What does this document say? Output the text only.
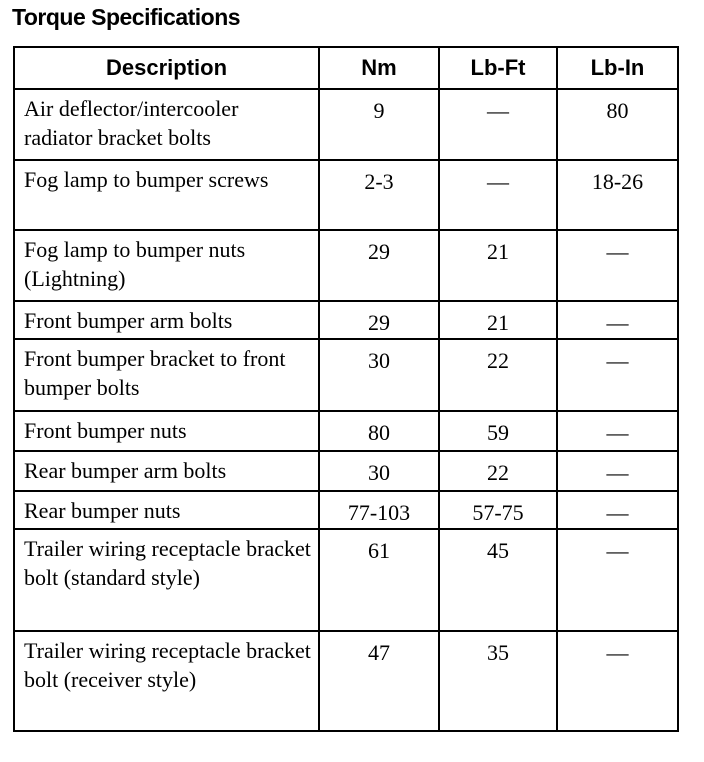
Torque Specifications
Description	Nm	Lb-Ft	Lb-In
Air deflector/intercooler radiator bracket bolts	9	—	80
Fog lamp to bumper screws	2-3	—	18-26
Fog lamp to bumper nuts (Lightning)	29	21	—
Front bumper arm bolts	29	21	—
Front bumper bracket to front bumper bolts	30	22	—
Front bumper nuts	80	59	—
Rear bumper arm bolts	30	22	—
Rear bumper nuts	77-103	57-75	—
Trailer wiring receptacle bracket bolt (standard style)	61	45	—
Trailer wiring receptacle bracket bolt (receiver style)	47	35	—
